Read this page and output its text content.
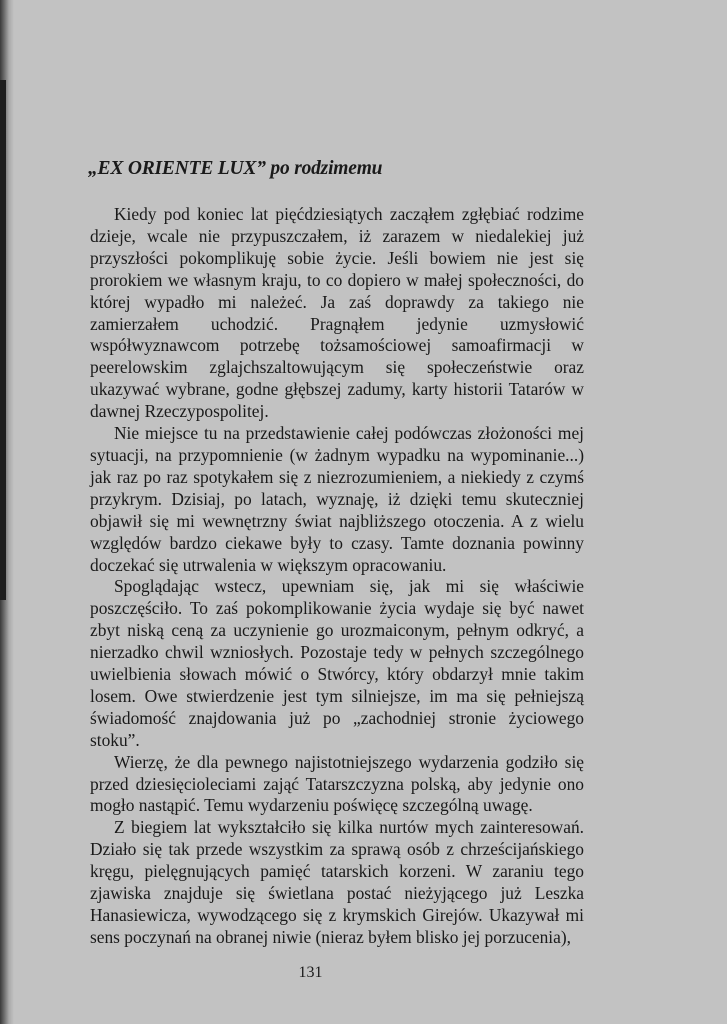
„EX ORIENTE LUX” po rodzimemu

Kiedy pod koniec lat pięćdziesiątych zacząłem zgłębiać rodzime dzieje, wcale nie przypuszczałem, iż zarazem w niedalekiej już przyszłości pokomplikuję sobie życie. Jeśli bowiem nie jest się prorokiem we własnym kraju, to co dopiero w małej społeczności, do której wypadło mi należeć. Ja zaś doprawdy za takiego nie zamierzałem uchodzić. Pragnąłem jedynie uzmysłowić współwyznawcom potrzebę tożsamościowej samoafirmacji w peerelowskim zglajchszaltowującym się społeczeństwie oraz ukazywać wybrane, godne głębszej zadumy, karty historii Tatarów w dawnej Rzeczypospolitej.

Nie miejsce tu na przedstawienie całej podówczas złożoności mej sytuacji, na przypomnienie (w żadnym wypadku na wypominanie...) jak raz po raz spotykałem się z niezrozumieniem, a niekiedy z czymś przykrym. Dzisiaj, po latach, wyznaję, iż dzięki temu skuteczniej objawił się mi wewnętrzny świat najbliższego otoczenia. A z wielu względów bardzo ciekawe były to czasy. Tamte doznania powinny doczekać się utrwalenia w większym opracowaniu.

Spoglądając wstecz, upewniam się, jak mi się właściwie poszczęściło. To zaś pokomplikowanie życia wydaje się być nawet zbyt niską ceną za uczynienie go urozmaiconym, pełnym odkryć, a nierzadko chwil wzniosłych. Pozostaje tedy w pełnych szczególnego uwielbienia słowach mówić o Stwórcy, który obdarzył mnie takim losem. Owe stwierdzenie jest tym silniejsze, im ma się pełniejszą świadomość znajdowania już po „zachodniej stronie życiowego stoku”.

Wierzę, że dla pewnego najistotniejszego wydarzenia godziło się przed dziesięcioleciami zająć Tatarszczyzna polską, aby jedynie ono mogło nastąpić. Temu wydarzeniu poświęcę szczególną uwagę.

Z biegiem lat wykształciło się kilka nurtów mych zainteresowań. Działo się tak przede wszystkim za sprawą osób z chrześcijańskiego kręgu, pielęgnujących pamięć tatarskich korzeni. W zaraniu tego zjawiska znajduje się świetlana postać nieżyjącego już Leszka Hanasiewicza, wywodzącego się z krymskich Girejów. Ukazywał mi sens poczynań na obranej niwie (nieraz byłem blisko jej porzucenia),

131
